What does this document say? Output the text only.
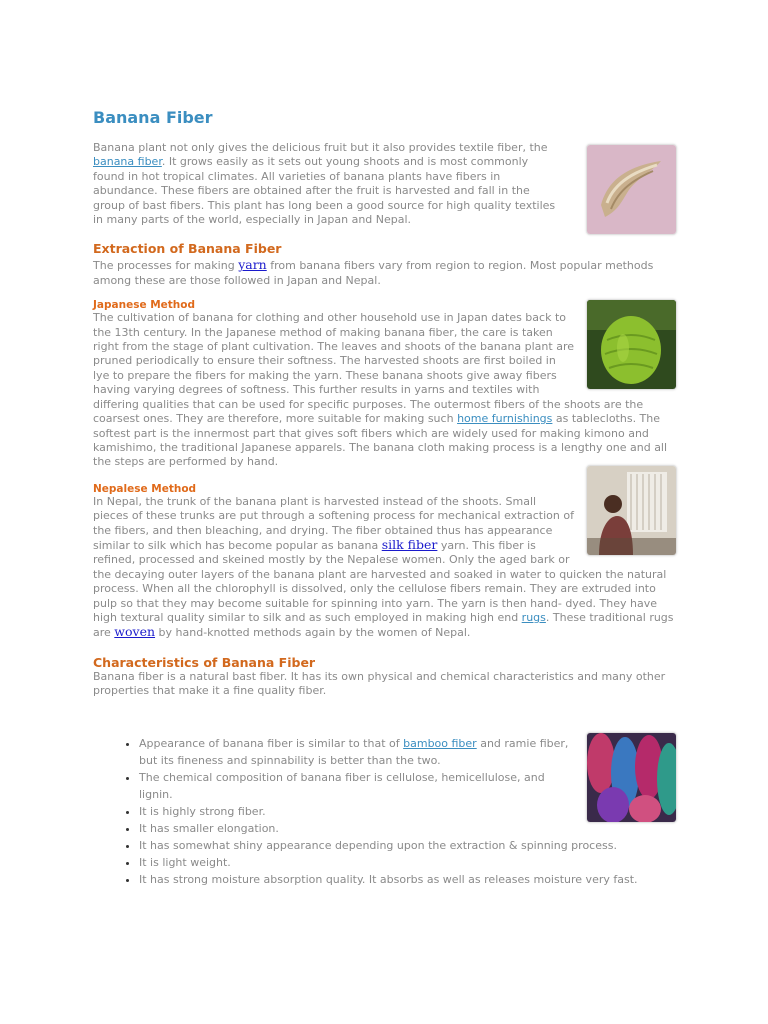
Banana Fiber

Banana plant not only gives the delicious fruit but it also provides textile fiber, the banana fiber. It grows easily as it sets out young shoots and is most commonly found in hot tropical climates. All varieties of banana plants have fibers in abundance. These fibers are obtained after the fruit is harvested and fall in the group of bast fibers. This plant has long been a good source for high quality textiles in many parts of the world, especially in Japan and Nepal.

Extraction of Banana Fiber

The processes for making yarn from banana fibers vary from region to region. Most popular methods among these are those followed in Japan and Nepal.

Japanese Method

The cultivation of banana for clothing and other household use in Japan dates back to the 13th century. In the Japanese method of making banana fiber, the care is taken right from the stage of plant cultivation. The leaves and shoots of the banana plant are pruned periodically to ensure their softness. The harvested shoots are first boiled in lye to prepare the fibers for making the yarn. These banana shoots give away fibers having varying degrees of softness. This further results in yarns and textiles with differing qualities that can be used for specific purposes. The outermost fibers of the shoots are the coarsest ones. They are therefore, more suitable for making such home furnishings as tablecloths. The softest part is the innermost part that gives soft fibers which are widely used for making kimono and kamishimo, the traditional Japanese apparels. The banana cloth making process is a lengthy one and all the steps are performed by hand.

Nepalese Method

In Nepal, the trunk of the banana plant is harvested instead of the shoots. Small pieces of these trunks are put through a softening process for mechanical extraction of the fibers, and then bleaching, and drying. The fiber obtained thus has appearance similar to silk which has become popular as banana silk fiber yarn. This fiber is refined, processed and skeined mostly by the Nepalese women. Only the aged bark or the decaying outer layers of the banana plant are harvested and soaked in water to quicken the natural process. When all the chlorophyll is dissolved, only the cellulose fibers remain. They are extruded into pulp so that they may become suitable for spinning into yarn. The yarn is then hand- dyed. They have high textural quality similar to silk and as such employed in making high end rugs. These traditional rugs are woven by hand-knotted methods again by the women of Nepal.

Characteristics of Banana Fiber

Banana fiber is a natural bast fiber. It has its own physical and chemical characteristics and many other properties that make it a fine quality fiber.

• Appearance of banana fiber is similar to that of bamboo fiber and ramie fiber, but its fineness and spinnability is better than the two.
• The chemical composition of banana fiber is cellulose, hemicellulose, and lignin.
• It is highly strong fiber.
• It has smaller elongation.
• It has somewhat shiny appearance depending upon the extraction & spinning process.
• It is light weight.
• It has strong moisture absorption quality. It absorbs as well as releases moisture very fast.
